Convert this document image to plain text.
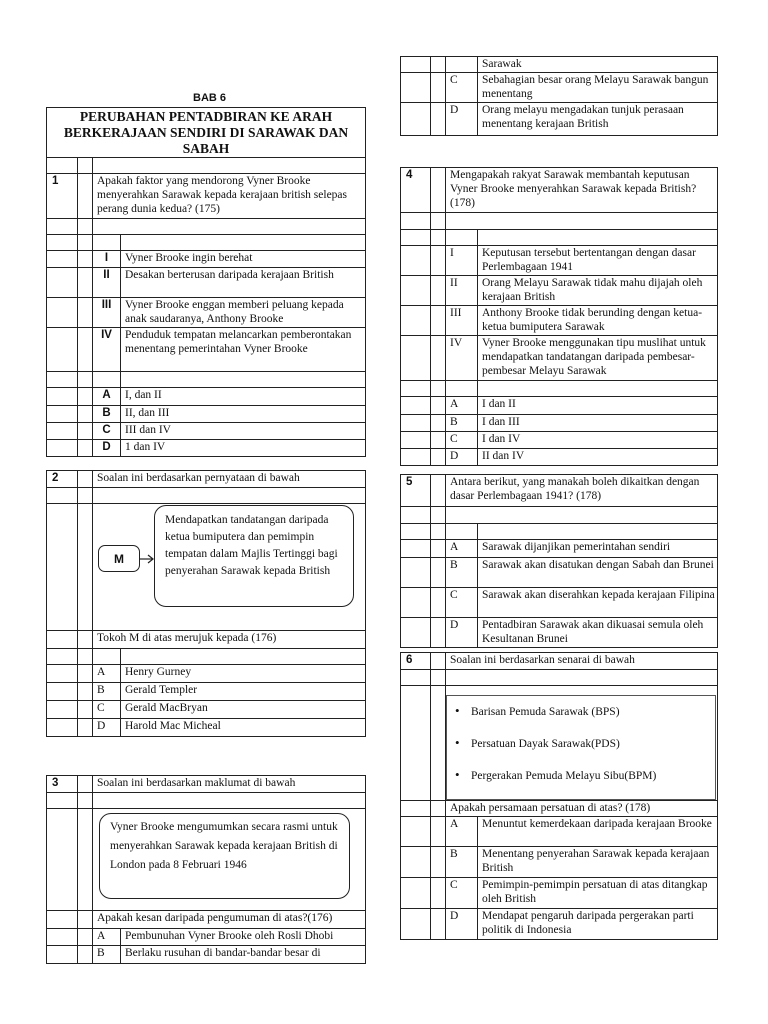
BAB 6
PERUBAHAN PENTADBIRAN KE ARAH BERKERAJAAN SENDIRI DI SARAWAK DAN SABAH

1		Apakah faktor yang mendorong Vyner Brooke menyerahkan Sarawak kepada kerajaan british selepas perang dunia kedua? (175)	

		I	Vyner Brooke ingin berehat
		II	Desakan berterusan daripada kerajaan British
		III	Vyner Brooke enggan memberi peluang kepada anak saudaranya, Anthony Brooke
		IV	Penduduk tempatan melancarkan pemberontakan menentang pemerintahan Vyner Brooke

		A	I, dan II
		B	II, dan III
		C	III dan IV
		D	1 dan IV
2		Soalan ini berdasarkan pernyataan di bawah	

		Tokoh M di atas merujuk kepada (176)	

		A	Henry Gurney
		B	Gerald Templer
		C	Gerald MacBryan
		D	Harold Mac Micheal
M
Mendapatkan tandatangan daripada ketua bumiputera dan pemimpin tempatan dalam Majlis Tertinggi bagi penyerahan Sarawak kepada British
3		Soalan ini berdasarkan maklumat di bawah	

		Apakah kesan daripada pengumuman di atas?(176)	
		A	Pembunuhan Vyner Brooke oleh Rosli Dhobi
		B	Berlaku rusuhan di bandar-bandar besar di
Vyner Brooke mengumumkan secara rasmi untuk menyerahkan Sarawak kepada kerajaan British di London pada 8 Februari 1946
			Sarawak
		C	Sebahagian besar orang Melayu Sarawak bangun menentang
		D	Orang melayu mengadakan tunjuk perasaan menentang kerajaan British
4		Mengapakah rakyat Sarawak membantah keputusan Vyner Brooke menyerahkan Sarawak kepada British? (178)	

		I	Keputusan tersebut bertentangan dengan dasar Perlembagaan 1941
		II	Orang Melayu Sarawak tidak mahu dijajah oleh kerajaan British
		III	Anthony Brooke tidak berunding dengan ketua-ketua bumiputera Sarawak
		IV	Vyner Brooke menggunakan tipu muslihat untuk mendapatkan tandatangan daripada pembesar-pembesar Melayu Sarawak

		A	I dan II
		B	I dan III
		C	I dan IV
		D	II dan IV
5		Antara berikut, yang manakah boleh dikaitkan dengan dasar Perlembagaan 1941? (178)	

		A	Sarawak dijanjikan pemerintahan sendiri
		B	Sarawak akan disatukan dengan Sabah dan Brunei
		C	Sarawak akan diserahkan kepada kerajaan Filipina
		D	Pentadbiran Sarawak akan dikuasai semula oleh Kesultanan Brunei
6		Soalan ini berdasarkan senarai di bawah	

		Apakah persamaan persatuan di atas? (178)	
		A	Menuntut kemerdekaan daripada kerajaan Brooke
		B	Menentang penyerahan Sarawak kepada kerajaan British
		C	Pemimpin-pemimpin persatuan di atas ditangkap oleh British
		D	Mendapat pengaruh daripada pergerakan parti politik di Indonesia
• Barisan Pemuda Sarawak (BPS)
• Persatuan Dayak Sarawak(PDS)
• Pergerakan Pemuda Melayu Sibu(BPM)
